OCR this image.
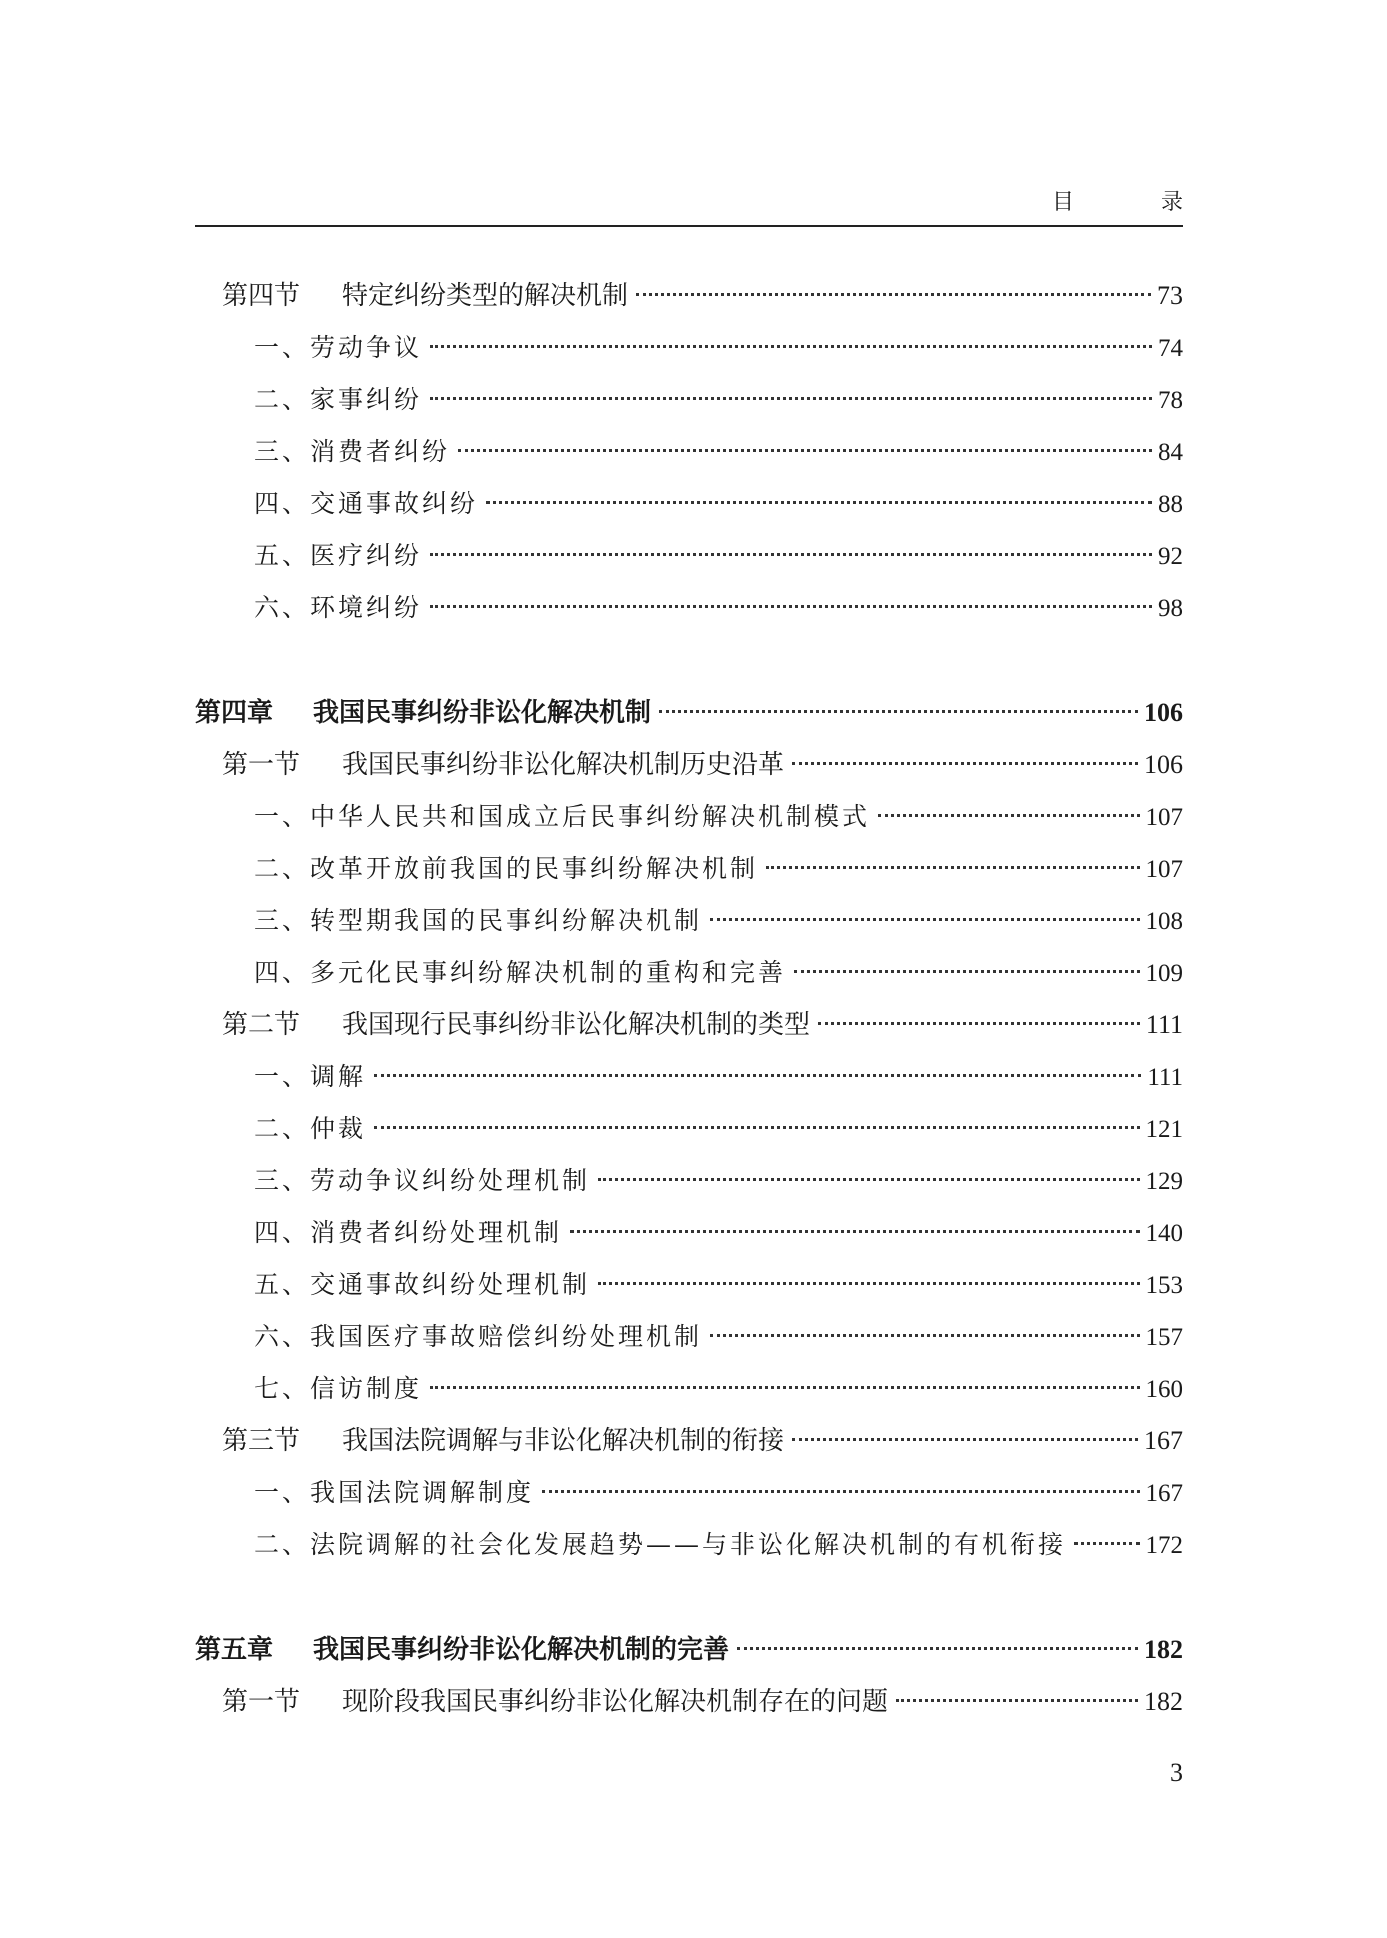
目 录
第四节 特定纠纷类型的解决机制	73
一、劳动争议	74
二、家事纠纷	78
三、消费者纠纷	84
四、交通事故纠纷	88
五、医疗纠纷	92
六、环境纠纷	98
第四章 我国民事纠纷非讼化解决机制	106
第一节 我国民事纠纷非讼化解决机制历史沿革	106
一、中华人民共和国成立后民事纠纷解决机制模式	107
二、改革开放前我国的民事纠纷解决机制	107
三、转型期我国的民事纠纷解决机制	108
四、多元化民事纠纷解决机制的重构和完善	109
第二节 我国现行民事纠纷非讼化解决机制的类型	111
一、调解	111
二、仲裁	121
三、劳动争议纠纷处理机制	129
四、消费者纠纷处理机制	140
五、交通事故纠纷处理机制	153
六、我国医疗事故赔偿纠纷处理机制	157
七、信访制度	160
第三节 我国法院调解与非讼化解决机制的衔接	167
一、我国法院调解制度	167
二、法院调解的社会化发展趋势——与非讼化解决机制的有机衔接	172
第五章 我国民事纠纷非讼化解决机制的完善	182
第一节 现阶段我国民事纠纷非讼化解决机制存在的问题	182
3
